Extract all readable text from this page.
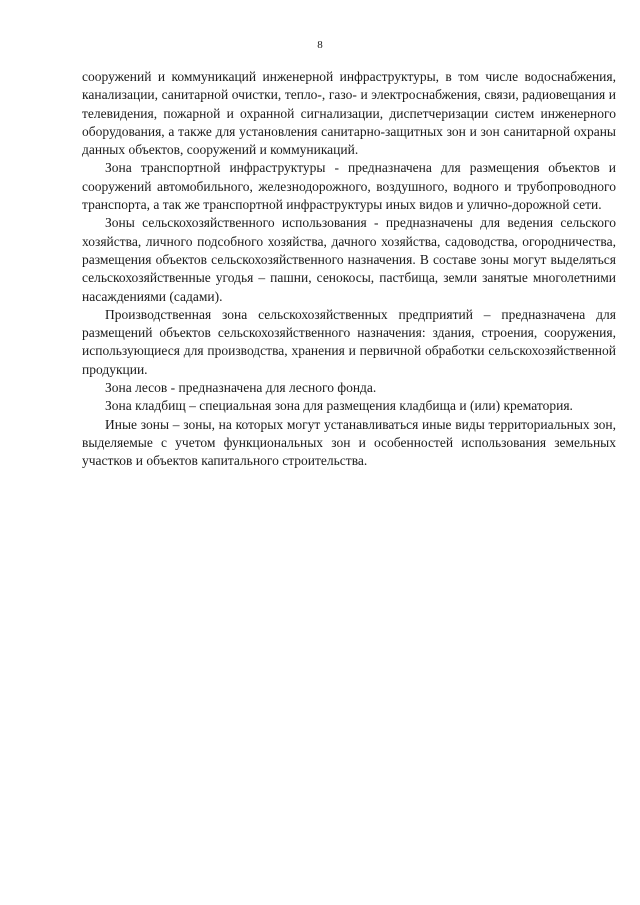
8

сооружений и коммуникаций инженерной инфраструктуры, в том числе водоснабжения, канализации, санитарной очистки, тепло-, газо- и электроснабжения, связи, радиовещания и телевидения, пожарной и охранной сигнализации, диспетчеризации систем инженерного оборудования, а также для установления санитарно-защитных зон и зон санитарной охраны данных объектов, сооружений и коммуникаций.

Зона транспортной инфраструктуры - предназначена для размещения объектов и сооружений автомобильного, железнодорожного, воздушного, водного и трубопроводного транспорта, а так же транспортной инфраструктуры иных видов и улично-дорожной сети.

Зоны сельскохозяйственного использования - предназначены для ведения сельского хозяйства, личного подсобного хозяйства, дачного хозяйства, садоводства, огородничества, размещения объектов сельскохозяйственного назначения. В составе зоны могут выделяться сельскохозяйственные угодья – пашни, сенокосы, пастбища, земли занятые многолетними насаждениями (садами).

Производственная зона сельскохозяйственных предприятий – предназначена для размещений объектов сельскохозяйственного назначения: здания, строения, сооружения, использующиеся для производства, хранения и первичной обработки сельскохозяйственной продукции.

Зона лесов - предназначена для лесного фонда.

Зона кладбищ – специальная зона для размещения кладбища и (или) крематория.

Иные зоны – зоны, на которых могут устанавливаться иные виды территориальных зон, выделяемые с учетом функциональных зон и особенностей использования земельных участков и объектов капитального строительства.
